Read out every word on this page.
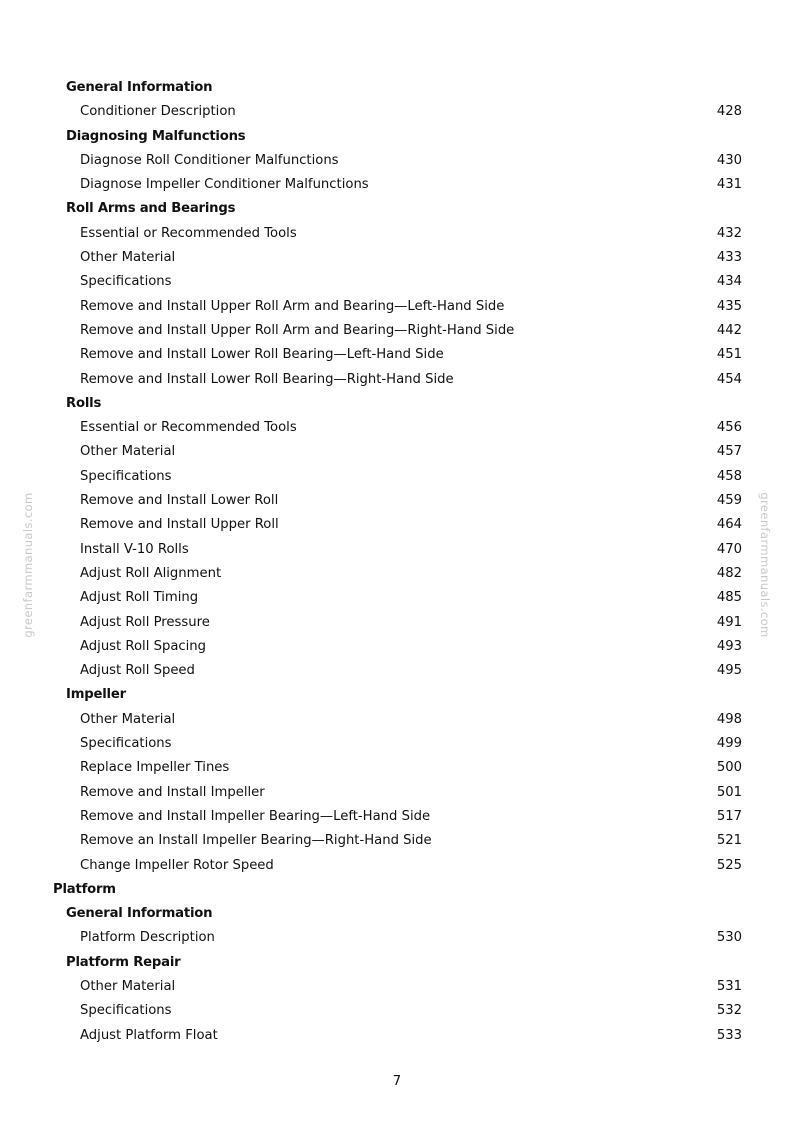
General Information
Conditioner Description	428
Diagnosing Malfunctions
Diagnose Roll Conditioner Malfunctions	430
Diagnose Impeller Conditioner Malfunctions	431
Roll Arms and Bearings
Essential or Recommended Tools	432
Other Material	433
Specifications	434
Remove and Install Upper Roll Arm and Bearing—Left-Hand Side	435
Remove and Install Upper Roll Arm and Bearing—Right-Hand Side	442
Remove and Install Lower Roll Bearing—Left-Hand Side	451
Remove and Install Lower Roll Bearing—Right-Hand Side	454
Rolls
Essential or Recommended Tools	456
Other Material	457
Specifications	458
Remove and Install Lower Roll	459
Remove and Install Upper Roll	464
Install V-10 Rolls	470
Adjust Roll Alignment	482
Adjust Roll Timing	485
Adjust Roll Pressure	491
Adjust Roll Spacing	493
Adjust Roll Speed	495
Impeller
Other Material	498
Specifications	499
Replace Impeller Tines	500
Remove and Install Impeller	501
Remove and Install Impeller Bearing—Left-Hand Side	517
Remove an Install Impeller Bearing—Right-Hand Side	521
Change Impeller Rotor Speed	525
Platform
General Information
Platform Description	530
Platform Repair
Other Material	531
Specifications	532
Adjust Platform Float	533
greenfarmmanuals.com	greenfarmmanuals.com
7
